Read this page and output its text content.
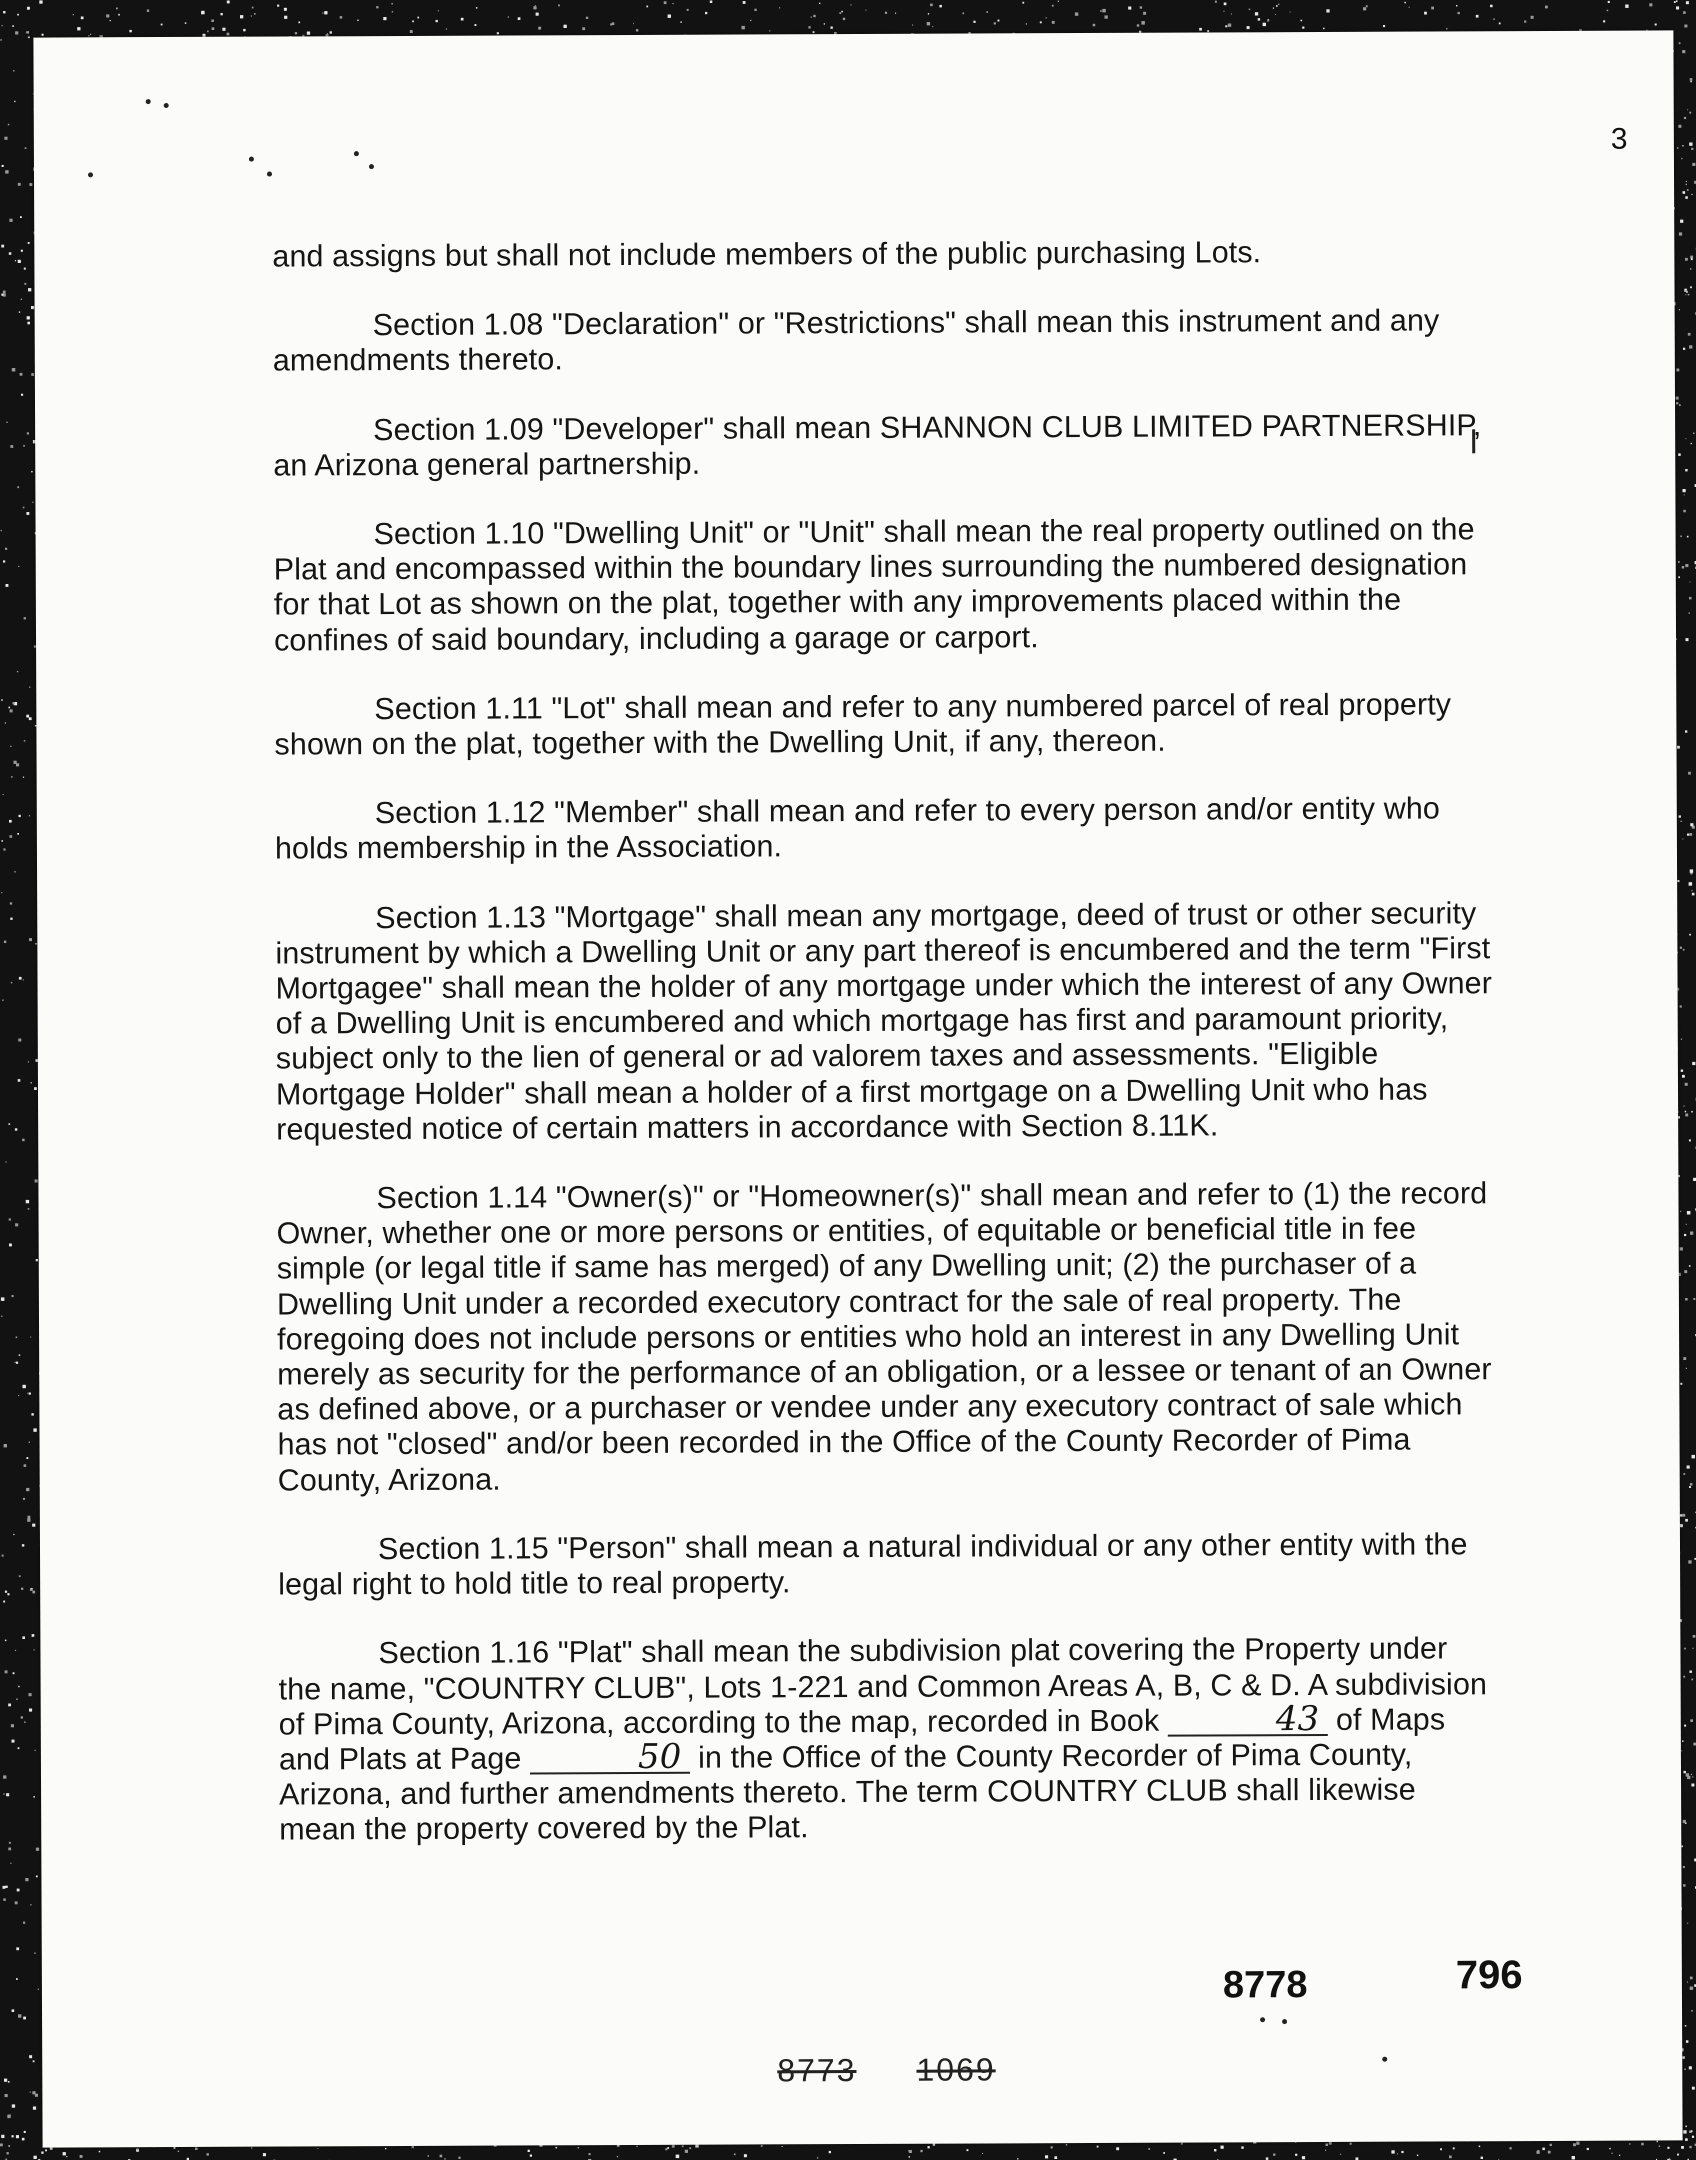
3

and assigns but shall not include members of the public purchasing Lots.

Section 1.08 "Declaration" or "Restrictions" shall mean this instrument and any amendments thereto.

Section 1.09 "Developer" shall mean SHANNON CLUB LIMITED PARTNERSHIP, an Arizona general partnership.

Section 1.10 "Dwelling Unit" or "Unit" shall mean the real property outlined on the Plat and encompassed within the boundary lines surrounding the numbered designation for that Lot as shown on the plat, together with any improvements placed within the confines of said boundary, including a garage or carport.

Section 1.11 "Lot" shall mean and refer to any numbered parcel of real property shown on the plat, together with the Dwelling Unit, if any, thereon.

Section 1.12 "Member" shall mean and refer to every person and/or entity who holds membership in the Association.

Section 1.13 "Mortgage" shall mean any mortgage, deed of trust or other security instrument by which a Dwelling Unit or any part thereof is encumbered and the term "First Mortgagee" shall mean the holder of any mortgage under which the interest of any Owner of a Dwelling Unit is encumbered and which mortgage has first and paramount priority, subject only to the lien of general or ad valorem taxes and assessments. "Eligible Mortgage Holder" shall mean a holder of a first mortgage on a Dwelling Unit who has requested notice of certain matters in accordance with Section 8.11K.

Section 1.14 "Owner(s)" or "Homeowner(s)" shall mean and refer to (1) the record Owner, whether one or more persons or entities, of equitable or beneficial title in fee simple (or legal title if same has merged) of any Dwelling unit; (2) the purchaser of a Dwelling Unit under a recorded executory contract for the sale of real property. The foregoing does not include persons or entities who hold an interest in any Dwelling Unit merely as security for the performance of an obligation, or a lessee or tenant of an Owner as defined above, or a purchaser or vendee under any executory contract of sale which has not "closed" and/or been recorded in the Office of the County Recorder of Pima County, Arizona.

Section 1.15 "Person" shall mean a natural individual or any other entity with the legal right to hold title to real property.

Section 1.16 "Plat" shall mean the subdivision plat covering the Property under the name, "COUNTRY CLUB", Lots 1-221 and Common Areas A, B, C & D. A subdivision of Pima County, Arizona, according to the map, recorded in Book	43 of Maps and Plats at Page	50 in the Office of the County Recorder of Pima County, Arizona, and further amendments thereto. The term COUNTRY CLUB shall likewise mean the property covered by the Plat.

8778	796
8773 1069
